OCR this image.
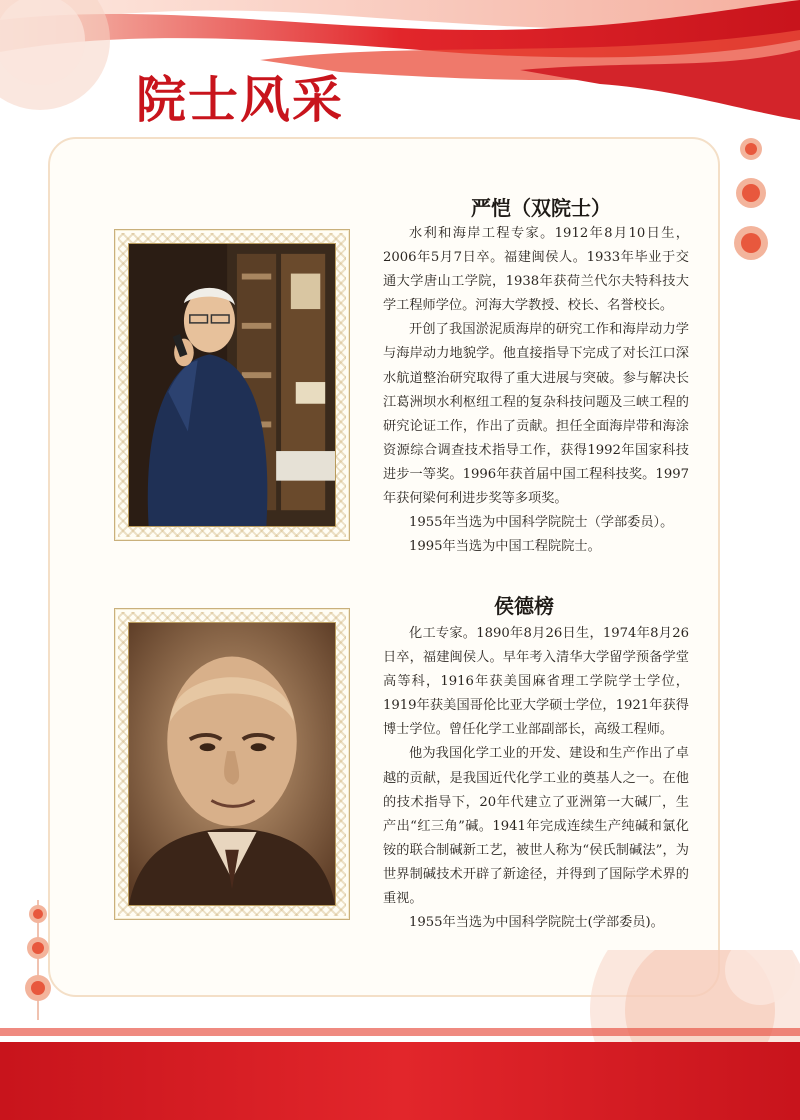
院士风采
严恺（双院士）

水利和海岸工程专家。1912年8月10日生，2006年5月7日卒。福建闽侯人。1933年毕业于交通大学唐山工学院，1938年获荷兰代尔夫特科技大学工程师学位。河海大学教授、校长、名誉校长。

开创了我国淤泥质海岸的研究工作和海岸动力学与海岸动力地貌学。他直接指导下完成了对长江口深水航道整治研究取得了重大进展与突破。参与解决长江葛洲坝水利枢纽工程的复杂科技问题及三峡工程的研究论证工作，作出了贡献。担任全面海岸带和海涂资源综合调查技术指导工作，获得1992年国家科技进步一等奖。1996年获首届中国工程科技奖。1997年获何梁何利进步奖等多项奖。

1955年当选为中国科学院院士（学部委员）。

1995年当选为中国工程院院士。

侯德榜

化工专家。1890年8月26日生，1974年8月26日卒，福建闽侯人。早年考入清华大学留学预备学堂高等科，1916年获美国麻省理工学院学士学位，1919年获美国哥伦比亚大学硕士学位，1921年获得博士学位。曾任化学工业部副部长，高级工程师。

他为我国化学工业的开发、建设和生产作出了卓越的贡献，是我国近代化学工业的奠基人之一。在他的技术指导下，20年代建立了亚洲第一大碱厂，生产出“红三角”碱。1941年完成连续生产纯碱和氯化铵的联合制碱新工艺，被世人称为“侯氏制碱法”，为世界制碱技术开辟了新途径，并得到了国际学术界的重视。

1955年当选为中国科学院院士(学部委员)。
